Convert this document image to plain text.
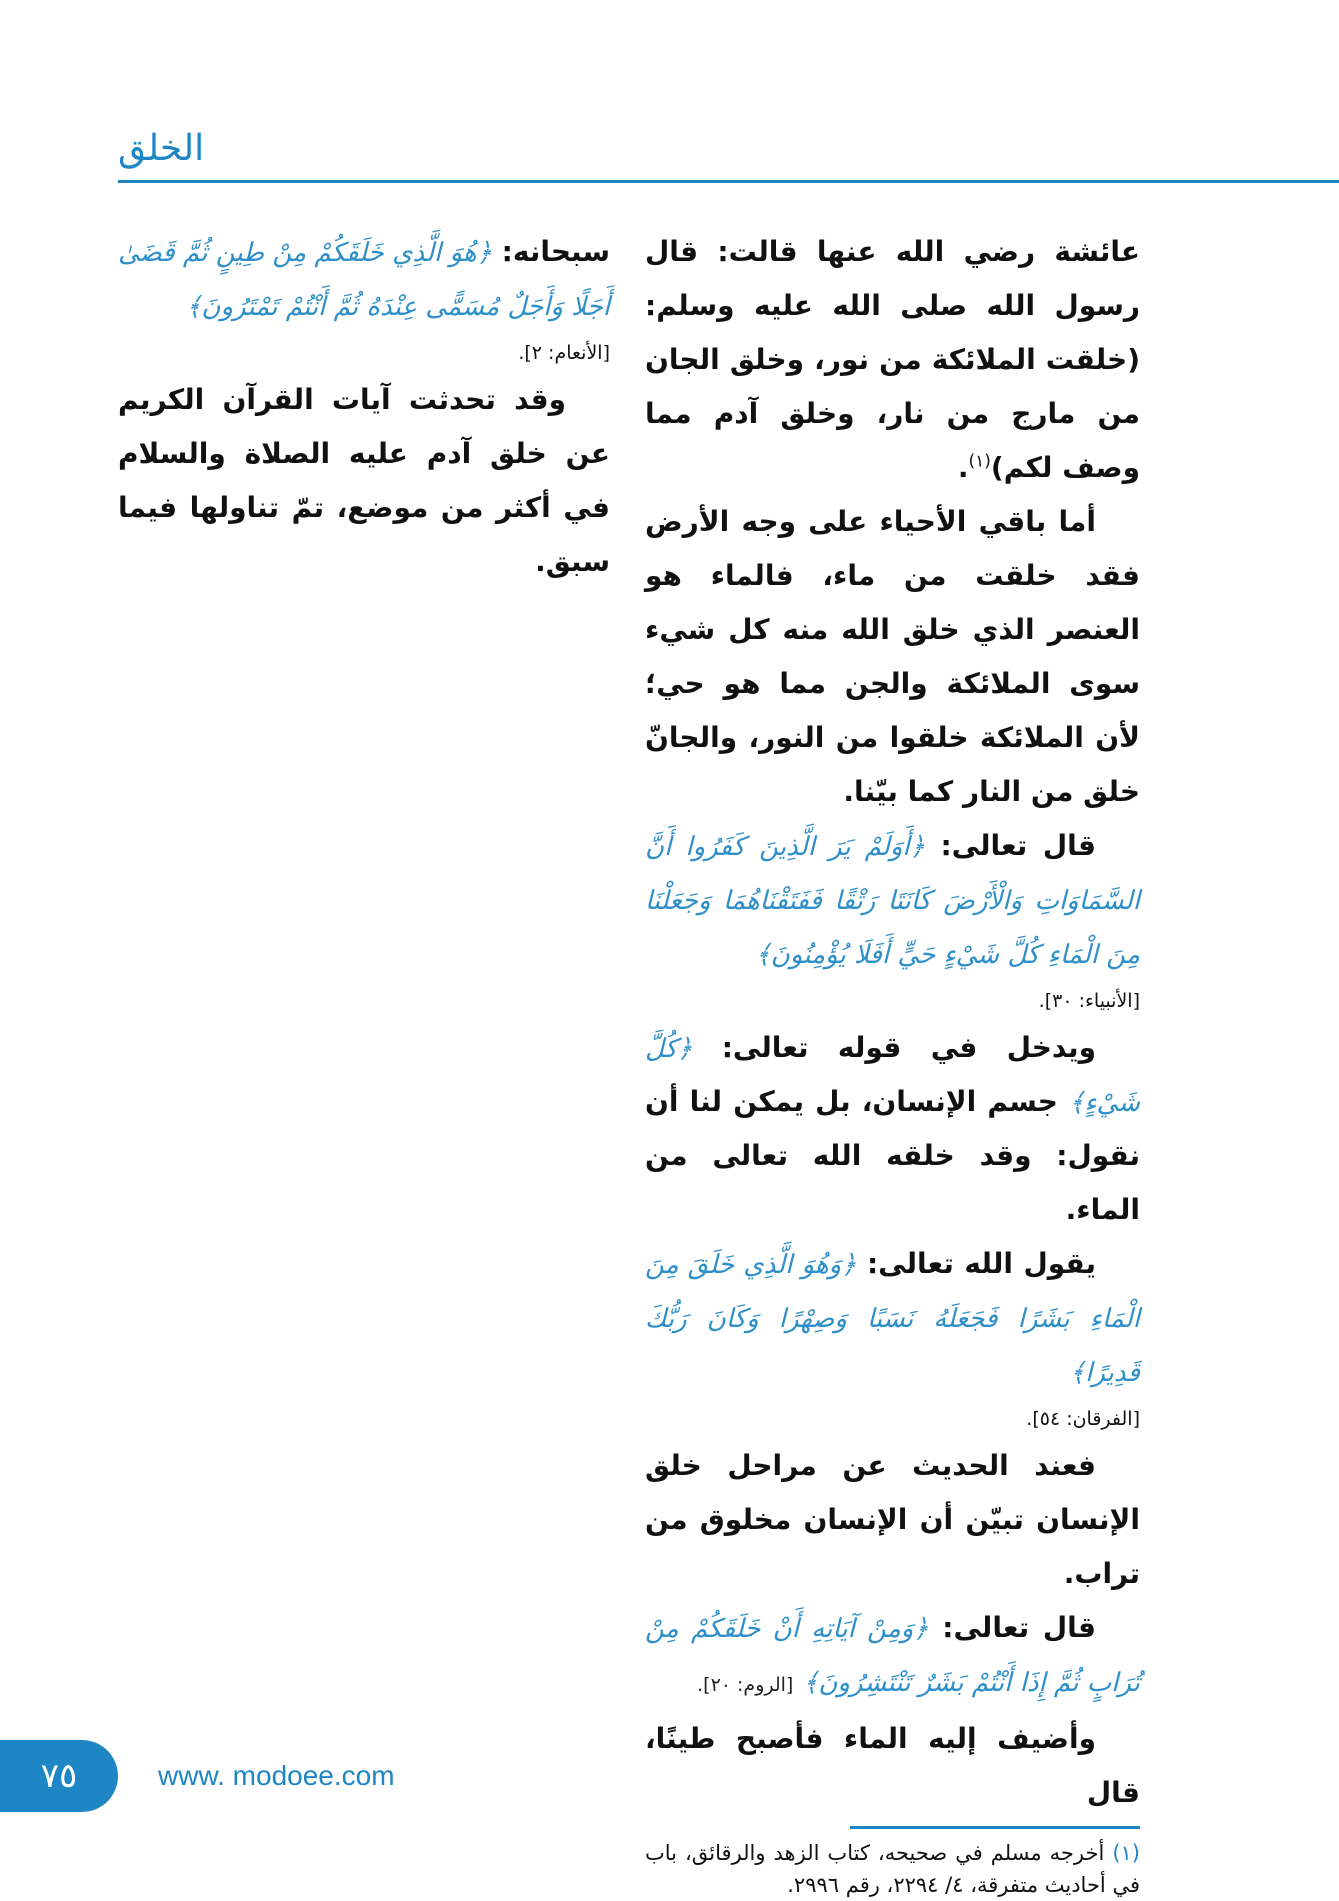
الخلق

عائشة رضي الله عنها قالت: قال رسول الله صلى الله عليه وسلم: (خلقت الملائكة من نور، وخلق الجان من مارج من نار، وخلق آدم مما وصف لكم)$^{(١)}$.

أما باقي الأحياء على وجه الأرض فقد خلقت من ماء، فالماء هو العنصر الذي خلق الله منه كل شيء سوى الملائكة والجن مما هو حي؛ لأن الملائكة خلقوا من النور، والجانّ خلق من النار كما بيّنا.

قال تعالى: ﴿أَوَلَمْ يَرَ الَّذِينَ كَفَرُوا أَنَّ السَّمَاوَاتِ وَالْأَرْضَ كَانَتَا رَتْقًا فَفَتَقْنَاهُمَا وَجَعَلْنَا مِنَ الْمَاءِ كُلَّ شَيْءٍ حَيٍّ أَفَلَا يُؤْمِنُونَ﴾

[الأنبياء: ٣٠].

ويدخل في قوله تعالى: ﴿كُلَّ شَيْءٍ﴾ جسم الإنسان، بل يمكن لنا أن نقول: وقد خلقه الله تعالى من الماء.

يقول الله تعالى: ﴿وَهُوَ الَّذِي خَلَقَ مِنَ الْمَاءِ بَشَرًا فَجَعَلَهُ نَسَبًا وَصِهْرًا وَكَانَ رَبُّكَ قَدِيرًا﴾

[الفرقان: ٥٤].

فعند الحديث عن مراحل خلق الإنسان تبيّن أن الإنسان مخلوق من تراب.

قال تعالى: ﴿وَمِنْ آيَاتِهِ أَنْ خَلَقَكُمْ مِنْ تُرَابٍ ثُمَّ إِذَا أَنْتُمْ بَشَرٌ تَنْتَشِرُونَ﴾ [الروم: ٢٠].

وأضيف إليه الماء فأصبح طينًا، قال

(١) أخرجه مسلم في صحيحه، كتاب الزهد والرقائق، باب في أحاديث متفرقة، ٤/ ٢٢٩٤، رقم ٢٩٩٦.

سبحانه: ﴿هُوَ الَّذِي خَلَقَكُمْ مِنْ طِينٍ ثُمَّ قَضَىٰ أَجَلًا وَأَجَلٌ مُسَمًّى عِنْدَهُ ثُمَّ أَنْتُمْ تَمْتَرُونَ﴾

[الأنعام: ٢].

وقد تحدثت آيات القرآن الكريم عن خلق آدم عليه الصلاة والسلام في أكثر من موضع، تمّ تناولها فيما سبق.

٧٥	www. modoee.com
